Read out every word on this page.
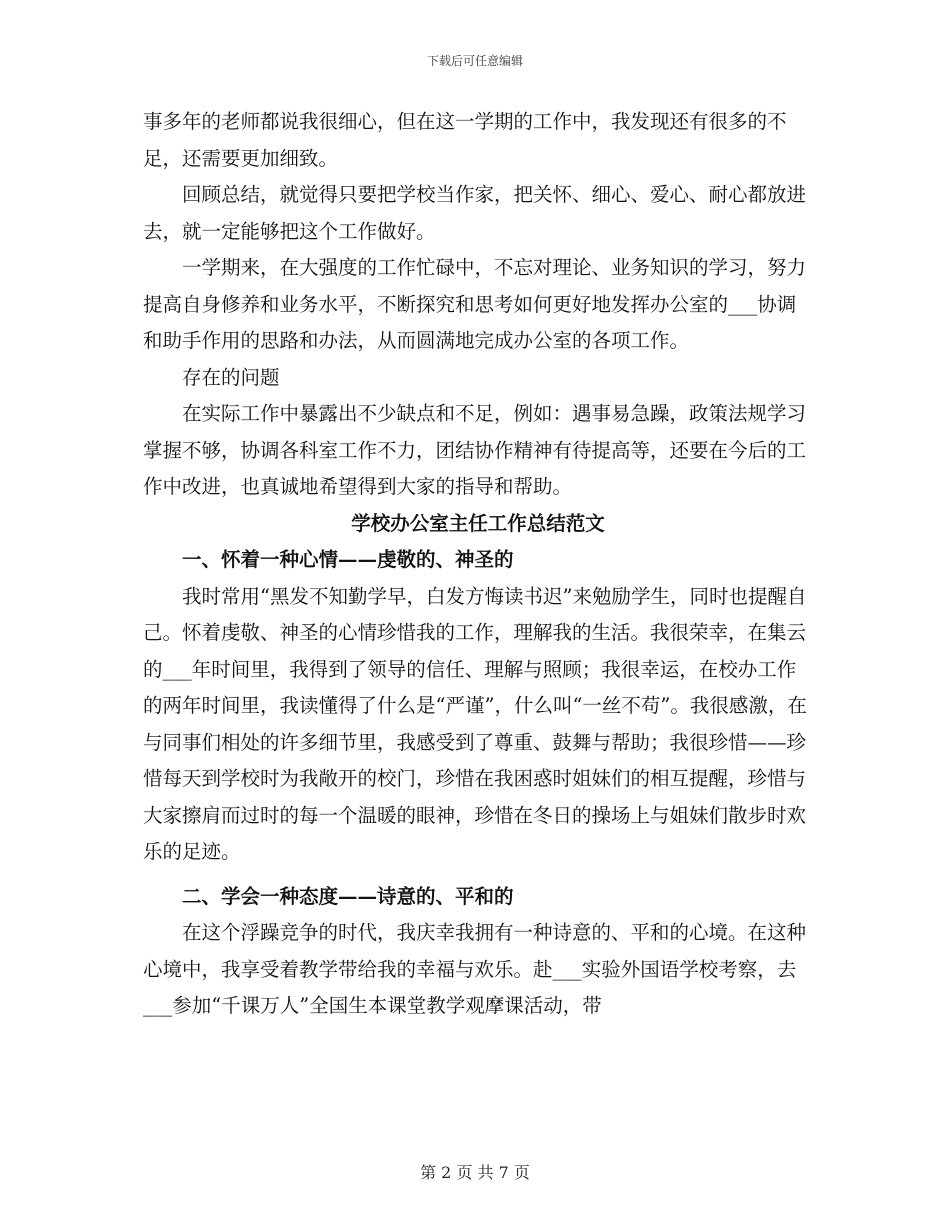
下载后可任意编辑

事多年的老师都说我很细心，但在这一学期的工作中，我发现还有很多的不足，还需要更加细致。

回顾总结，就觉得只要把学校当作家，把关怀、细心、爱心、耐心都放进去，就一定能够把这个工作做好。

一学期来，在大强度的工作忙碌中，不忘对理论、业务知识的学习，努力提高自身修养和业务水平，不断探究和思考如何更好地发挥办公室的___协调和助手作用的思路和办法，从而圆满地完成办公室的各项工作。

存在的问题

在实际工作中暴露出不少缺点和不足，例如：遇事易急躁，政策法规学习掌握不够，协调各科室工作不力，团结协作精神有待提高等，还要在今后的工作中改进，也真诚地希望得到大家的指导和帮助。

学校办公室主任工作总结范文

一、怀着一种心情——虔敬的、神圣的

我时常用“黑发不知勤学早，白发方悔读书迟”来勉励学生，同时也提醒自己。怀着虔敬、神圣的心情珍惜我的工作，理解我的生活。我很荣幸，在集云的___年时间里，我得到了领导的信任、理解与照顾；我很幸运，在校办工作的两年时间里，我读懂得了什么是“严谨”，什么叫“一丝不苟”。我很感激，在与同事们相处的许多细节里，我感受到了尊重、鼓舞与帮助；我很珍惜——珍惜每天到学校时为我敞开的校门，珍惜在我困惑时姐妹们的相互提醒，珍惜与大家擦肩而过时的每一个温暖的眼神，珍惜在冬日的操场上与姐妹们散步时欢乐的足迹。

二、学会一种态度——诗意的、平和的

在这个浮躁竞争的时代，我庆幸我拥有一种诗意的、平和的心境。在这种心境中，我享受着教学带给我的幸福与欢乐。赴___实验外国语学校考察，去___参加“千课万人”全国生本课堂教学观摩课活动，带

第 2 页 共 7 页
